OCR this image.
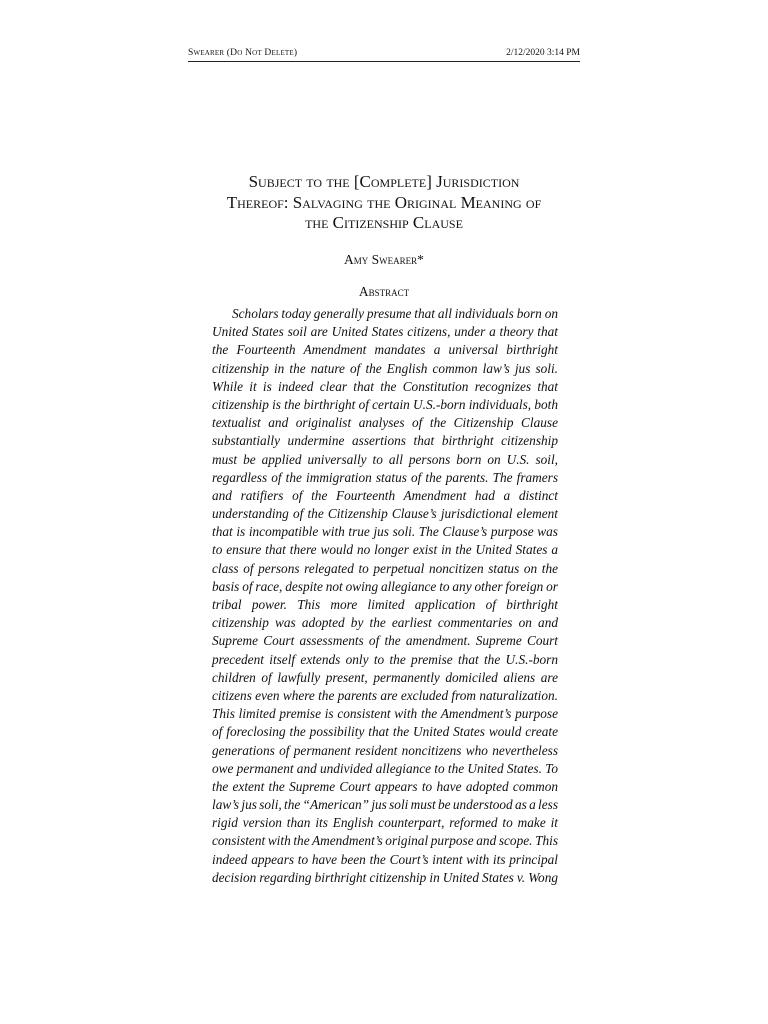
Swearer (Do Not Delete)	2/12/2020 3:14 PM
Subject to the [Complete] Jurisdiction
Thereof: Salvaging the Original Meaning of
the Citizenship Clause
Amy Swearer*
Abstract
Scholars today generally presume that all individuals born on
United States soil are United States citizens, under a theory that
the Fourteenth Amendment mandates a universal birthright
citizenship in the nature of the English common law’s jus soli.
While it is indeed clear that the Constitution recognizes that
citizenship is the birthright of certain U.S.-born individuals, both
textualist and originalist analyses of the Citizenship Clause
substantially undermine assertions that birthright citizenship
must be applied universally to all persons born on U.S. soil,
regardless of the immigration status of the parents. The framers
and ratifiers of the Fourteenth Amendment had a distinct
understanding of the Citizenship Clause’s jurisdictional element
that is incompatible with true jus soli. The Clause’s purpose was
to ensure that there would no longer exist in the United States a
class of persons relegated to perpetual noncitizen status on the
basis of race, despite not owing allegiance to any other foreign or
tribal power. This more limited application of birthright
citizenship was adopted by the earliest commentaries on and
Supreme Court assessments of the amendment. Supreme Court
precedent itself extends only to the premise that the U.S.-born
children of lawfully present, permanently domiciled aliens are
citizens even where the parents are excluded from naturalization.
This limited premise is consistent with the Amendment’s purpose
of foreclosing the possibility that the United States would create
generations of permanent resident noncitizens who nevertheless
owe permanent and undivided allegiance to the United States. To
the extent the Supreme Court appears to have adopted common
law’s jus soli, the “American” jus soli must be understood as a less
rigid version than its English counterpart, reformed to make it
consistent with the Amendment’s original purpose and scope. This
indeed appears to have been the Court’s intent with its principal
decision regarding birthright citizenship in United States v. Wong
